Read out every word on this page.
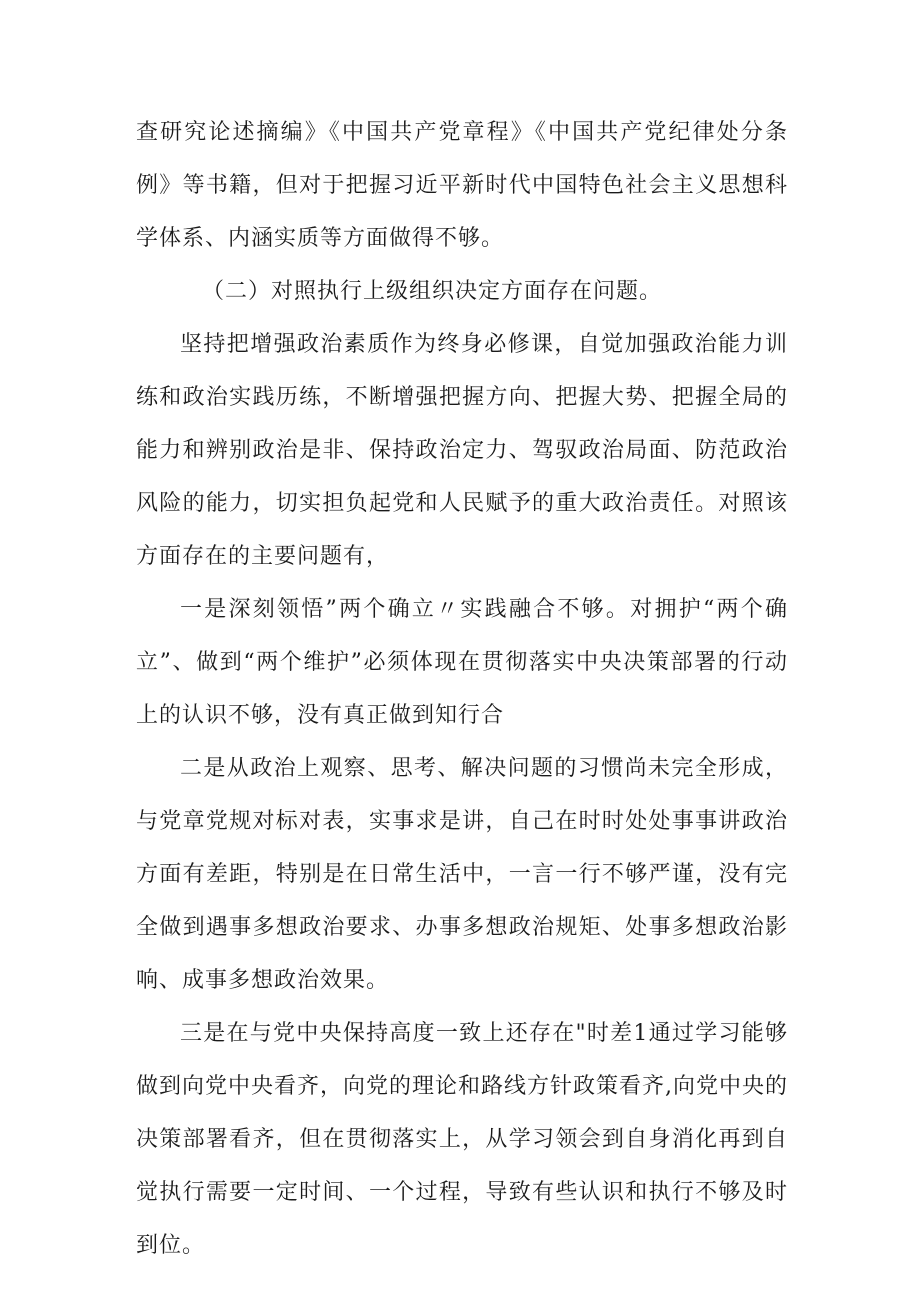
查研究论述摘编》《中国共产党章程》《中国共产党纪律处分条例》等书籍，但对于把握习近平新时代中国特色社会主义思想科学体系、内涵实质等方面做得不够。

（二）对照执行上级组织决定方面存在问题。

坚持把增强政治素质作为终身必修课，自觉加强政治能力训练和政治实践历练，不断增强把握方向、把握大势、把握全局的能力和辨别政治是非、保持政治定力、驾驭政治局面、防范政治风险的能力，切实担负起党和人民赋予的重大政治责任。对照该方面存在的主要问题有，

一是深刻领悟”两个确立〃实践融合不够。对拥护“两个确立”、做到“两个维护”必须体现在贯彻落实中央决策部署的行动上的认识不够，没有真正做到知行合

二是从政治上观察、思考、解决问题的习惯尚未完全形成，与党章党规对标对表，实事求是讲，自己在时时处处事事讲政治方面有差距，特别是在日常生活中，一言一行不够严谨，没有完全做到遇事多想政治要求、办事多想政治规矩、处事多想政治影响、成事多想政治效果。

三是在与党中央保持高度一致上还存在"时差1通过学习能够做到向党中央看齐，向党的理论和路线方针政策看齐,向党中央的决策部署看齐，但在贯彻落实上，从学习领会到自身消化再到自觉执行需要一定时间、一个过程，导致有些认识和执行不够及时到位。
